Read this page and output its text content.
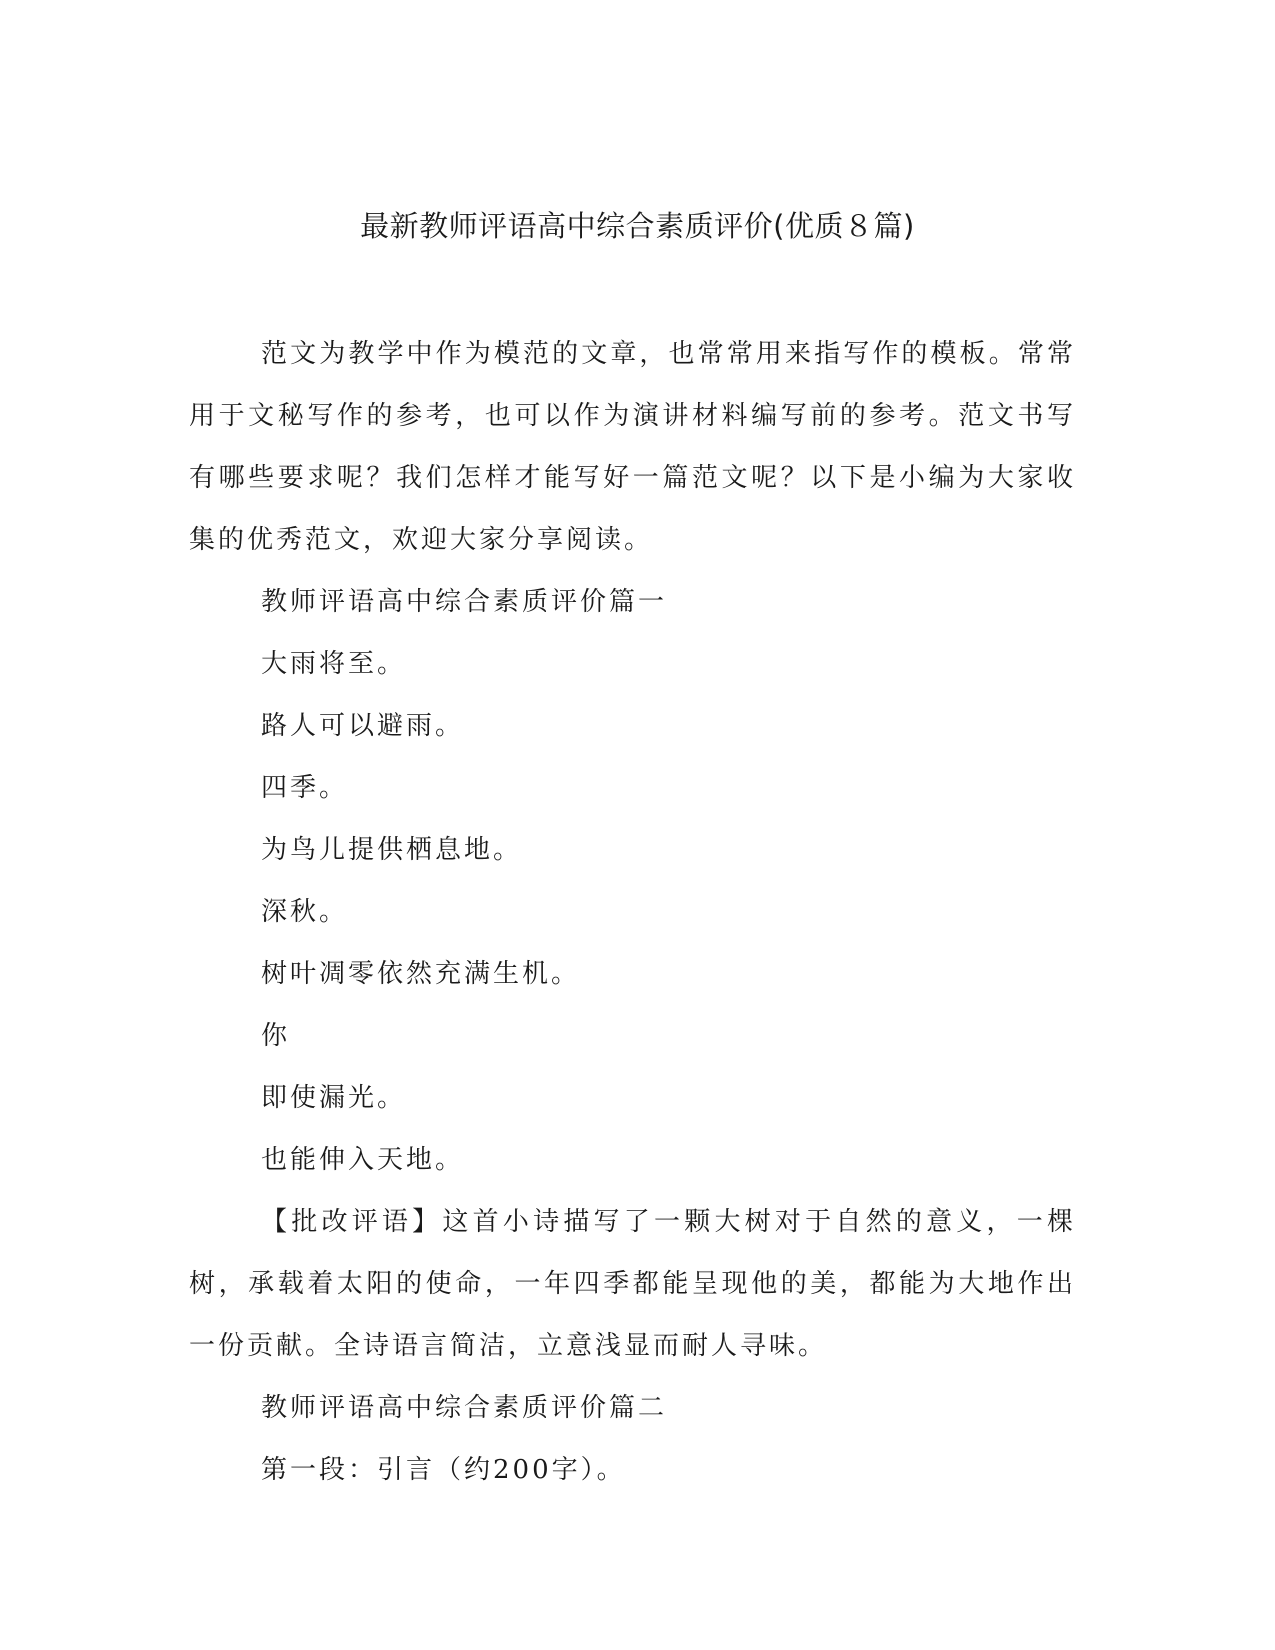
最新教师评语高中综合素质评价(优质８篇)

范文为教学中作为模范的文章，也常常用来指写作的模板。常常用于文秘写作的参考，也可以作为演讲材料编写前的参考。范文书写有哪些要求呢？我们怎样才能写好一篇范文呢？以下是小编为大家收集的优秀范文，欢迎大家分享阅读。

教师评语高中综合素质评价篇一

大雨将至。

路人可以避雨。

四季。

为鸟儿提供栖息地。

深秋。

树叶凋零依然充满生机。

你

即使漏光。

也能伸入天地。

【批改评语】这首小诗描写了一颗大树对于自然的意义，一棵树，承载着太阳的使命，一年四季都能呈现他的美，都能为大地作出一份贡献。全诗语言简洁，立意浅显而耐人寻味。

教师评语高中综合素质评价篇二

第一段：引言（约200字）。
